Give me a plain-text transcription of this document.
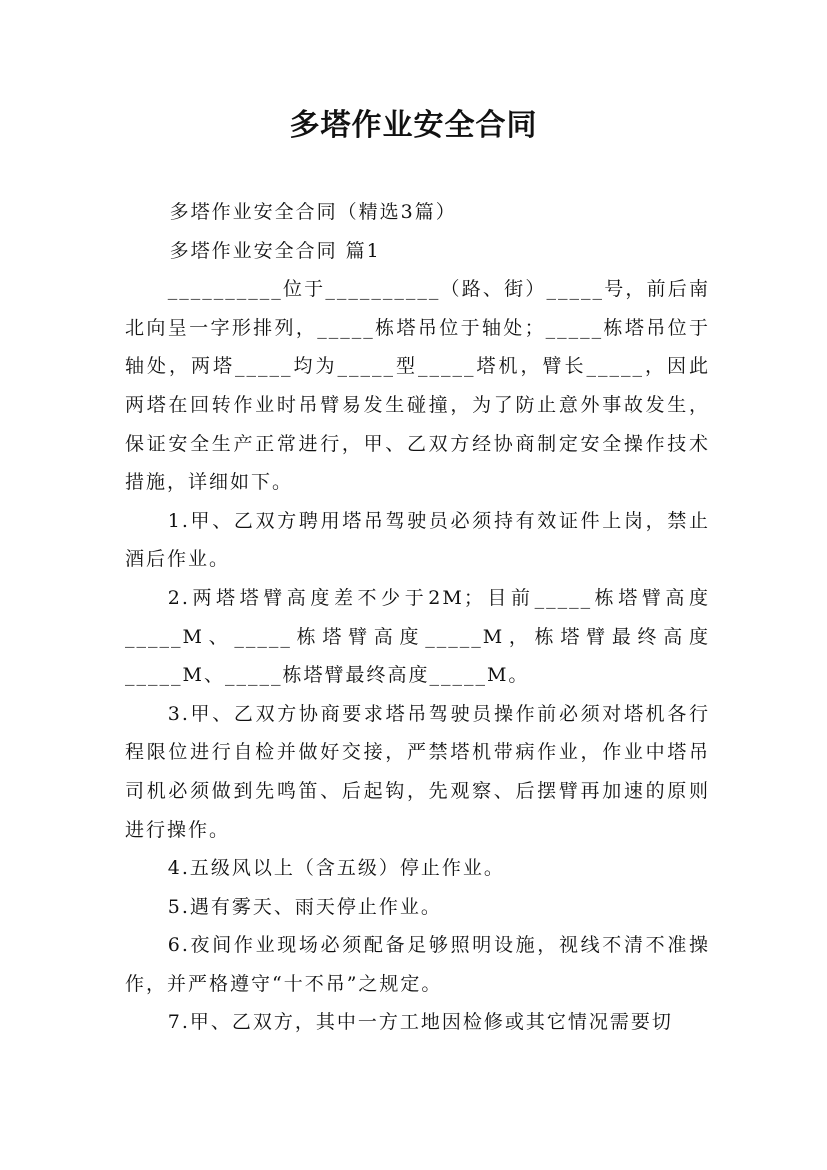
多塔作业安全合同

多塔作业安全合同（精选3篇）

多塔作业安全合同 篇1

__________位于__________（路、街）_____号，前后南北向呈一字形排列，_____栋塔吊位于轴处；_____栋塔吊位于轴处，两塔_____均为_____型_____塔机，臂长_____，因此两塔在回转作业时吊臂易发生碰撞，为了防止意外事故发生，保证安全生产正常进行，甲、乙双方经协商制定安全操作技术措施，详细如下。

1.甲、乙双方聘用塔吊驾驶员必须持有效证件上岗，禁止酒后作业。

2.两塔塔臂高度差不少于2M；目前_____栋塔臂高度_____M、_____栋塔臂高度_____M，栋塔臂最终高度_____M、_____栋塔臂最终高度_____M。

3.甲、乙双方协商要求塔吊驾驶员操作前必须对塔机各行程限位进行自检并做好交接，严禁塔机带病作业，作业中塔吊司机必须做到先鸣笛、后起钩，先观察、后摆臂再加速的原则进行操作。

4.五级风以上（含五级）停止作业。

5.遇有雾天、雨天停止作业。

6.夜间作业现场必须配备足够照明设施，视线不清不准操作，并严格遵守“十不吊”之规定。

7.甲、乙双方，其中一方工地因检修或其它情况需要切
